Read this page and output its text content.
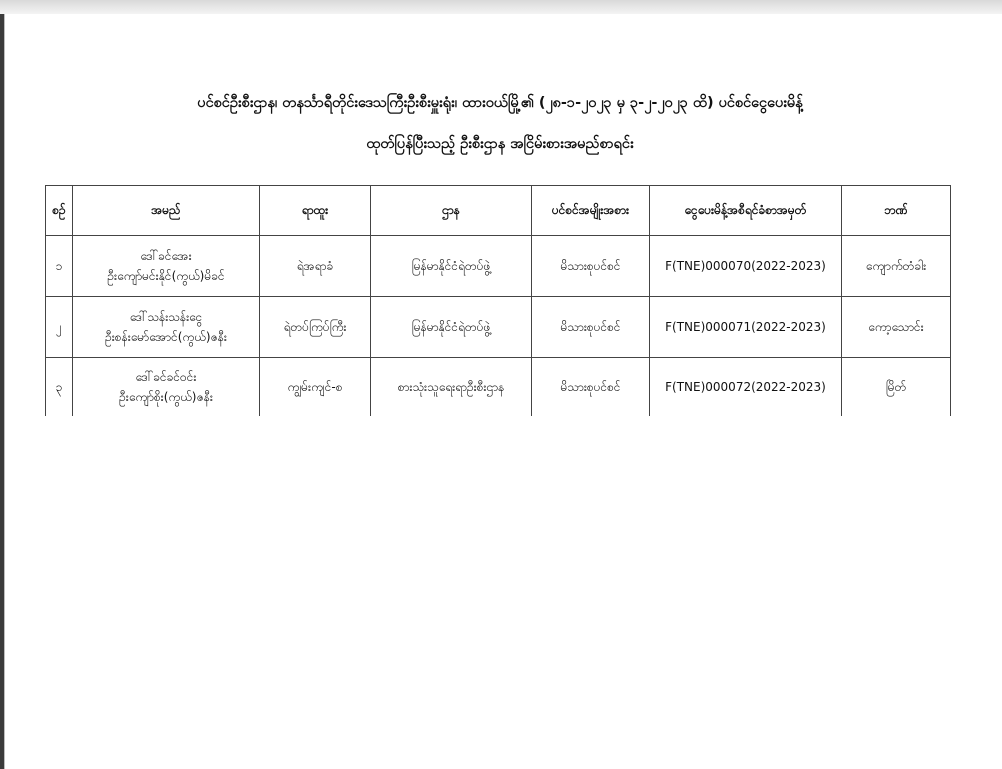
ပင်စင်ဦးစီးဌာန၊ တနင်္သာရီတိုင်းဒေသကြီးဦးစီးမှူးရုံး၊ ထားဝယ်မြို့၏ (၂၈-၁-၂၀၂၃ မှ ၃-၂-၂၀၂၃ ထိ) ပင်စင်ငွေပေးမိန့်
ထုတ်ပြန်ပြီးသည့် ဦးစီးဌာန အငြိမ်းစားအမည်စာရင်း
စဉ်	အမည်	ရာထူး	ဌာန	ပင်စင်အမျိုးအစား	ငွေပေးမိန့်အစီရင်ခံစာအမှတ်	ဘဏ်
၁	ဒေါ်ခင်အေး
ဦးကျော်မင်းနိုင်(ကွယ်)မိခင်	ရဲအရာခံ	မြန်မာနိုင်ငံရဲတပ်ဖွဲ့	မိသားစုပင်စင်	F(TNE)000070(2022-2023)	ကျောက်တံခါး
၂	ဒေါ်သန်းသန်းငွေ
ဦးစန်းမော်အောင်(ကွယ်)ဇနီး	ရဲတပ်ကြပ်ကြီး	မြန်မာနိုင်ငံရဲတပ်ဖွဲ့	မိသားစုပင်စင်	F(TNE)000071(2022-2023)	ကော့သောင်း
၃	ဒေါ်ခင်ခင်ဝင်း
ဦးကျော်စိုး(ကွယ်)ဇနီး	ကျွမ်းကျင်-စ	စားသုံးသူရေးရာဦးစီးဌာန	မိသားစုပင်စင်	F(TNE)000072(2022-2023)	မြိတ်
